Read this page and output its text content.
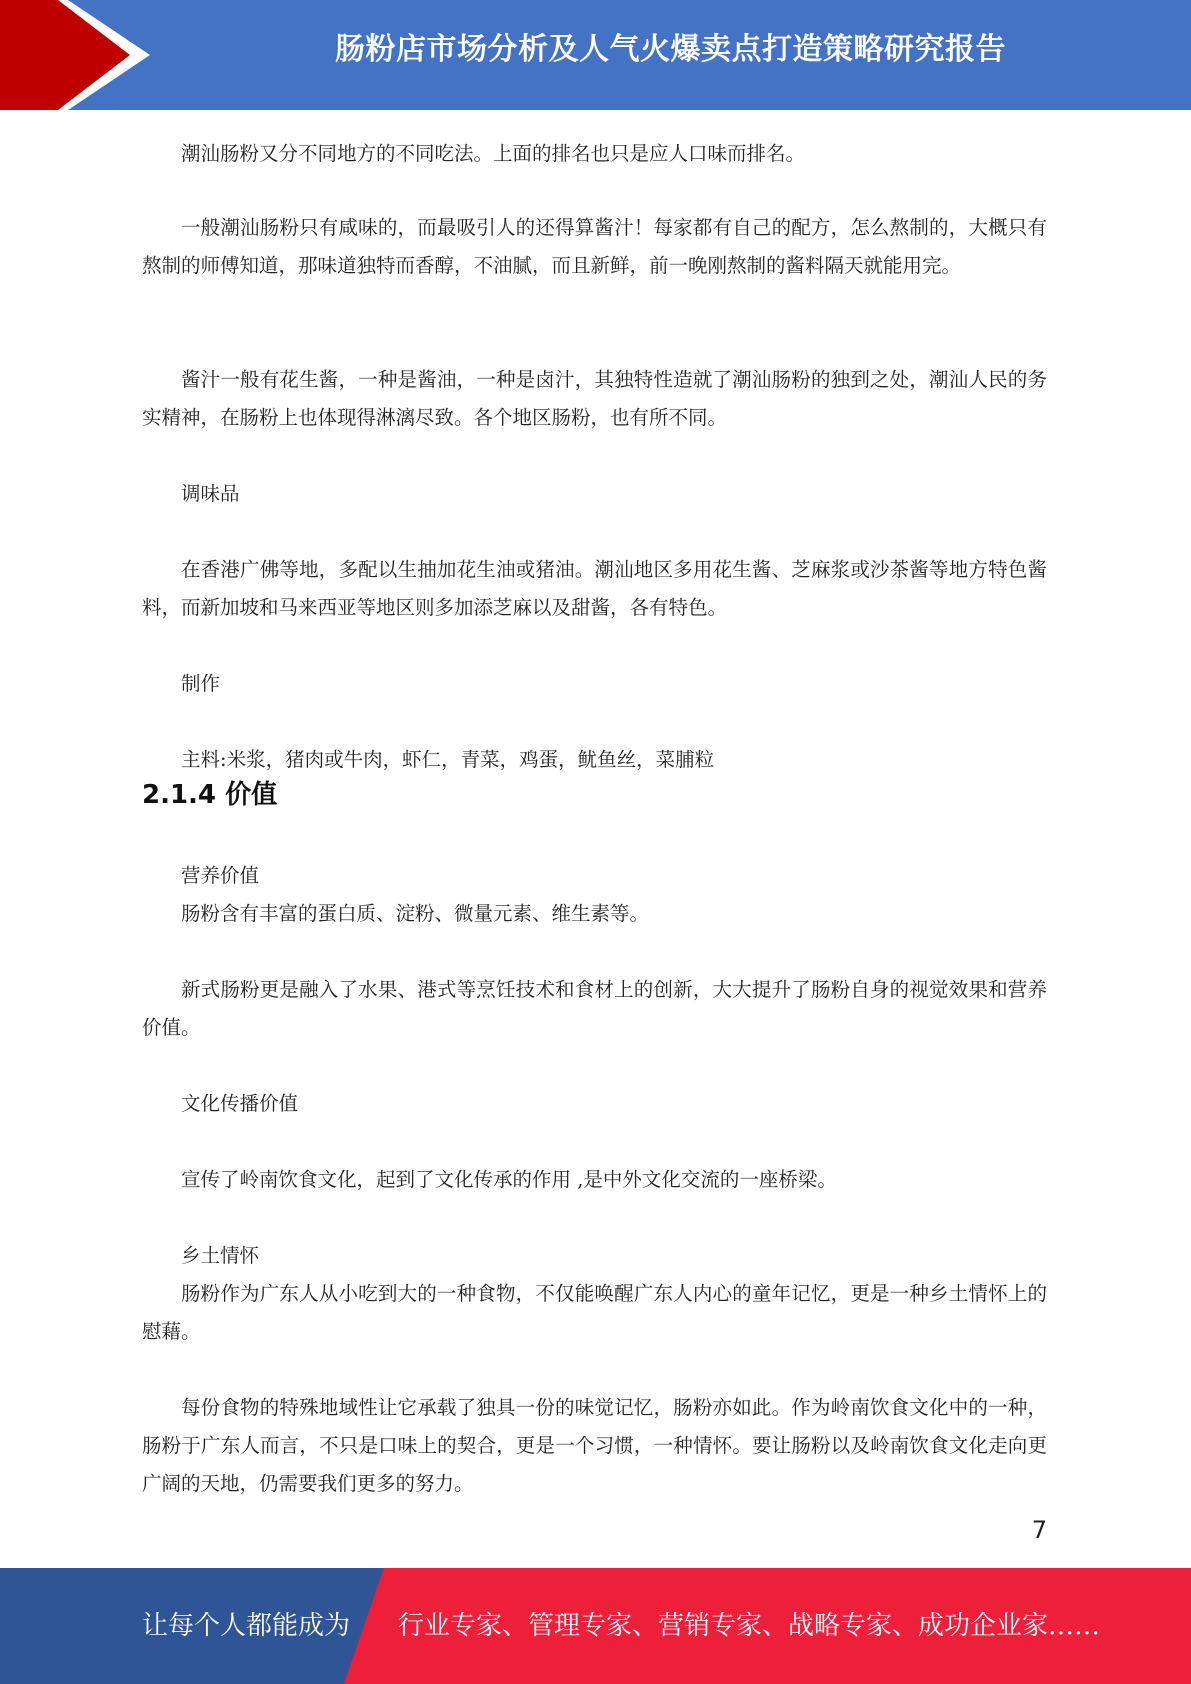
肠粉店市场分析及人气火爆卖点打造策略研究报告

潮汕肠粉又分不同地方的不同吃法。上面的排名也只是应人口味而排名。

一般潮汕肠粉只有咸味的，而最吸引人的还得算酱汁！每家都有自己的配方，怎么熬制的，大概只有熬制的师傅知道，那味道独特而香醇，不油腻，而且新鲜，前一晚刚熬制的酱料隔天就能用完。

酱汁一般有花生酱，一种是酱油，一种是卤汁，其独特性造就了潮汕肠粉的独到之处，潮汕人民的务实精神，在肠粉上也体现得淋漓尽致。各个地区肠粉，也有所不同。

调味品

在香港广佛等地，多配以生抽加花生油或猪油。潮汕地区多用花生酱、芝麻浆或沙茶酱等地方特色酱料，而新加坡和马来西亚等地区则多加添芝麻以及甜酱，各有特色。

制作

主料:米浆，猪肉或牛肉，虾仁，青菜，鸡蛋，鱿鱼丝，菜脯粒

2.1.4 价值

营养价值

肠粉含有丰富的蛋白质、淀粉、微量元素、维生素等。

新式肠粉更是融入了水果、港式等烹饪技术和食材上的创新，大大提升了肠粉自身的视觉效果和营养价值。

文化传播价值

宣传了岭南饮食文化，起到了文化传承的作用 ,是中外文化交流的一座桥梁。

乡土情怀

肠粉作为广东人从小吃到大的一种食物，不仅能唤醒广东人内心的童年记忆，更是一种乡土情怀上的慰藉。

每份食物的特殊地域性让它承载了独具一份的味觉记忆，肠粉亦如此。作为岭南饮食文化中的一种，肠粉于广东人而言，不只是口味上的契合，更是一个习惯，一种情怀。要让肠粉以及岭南饮食文化走向更广阔的天地，仍需要我们更多的努力。

7
让每个人都能成为 行业专家、管理专家、营销专家、战略专家、成功企业家……
